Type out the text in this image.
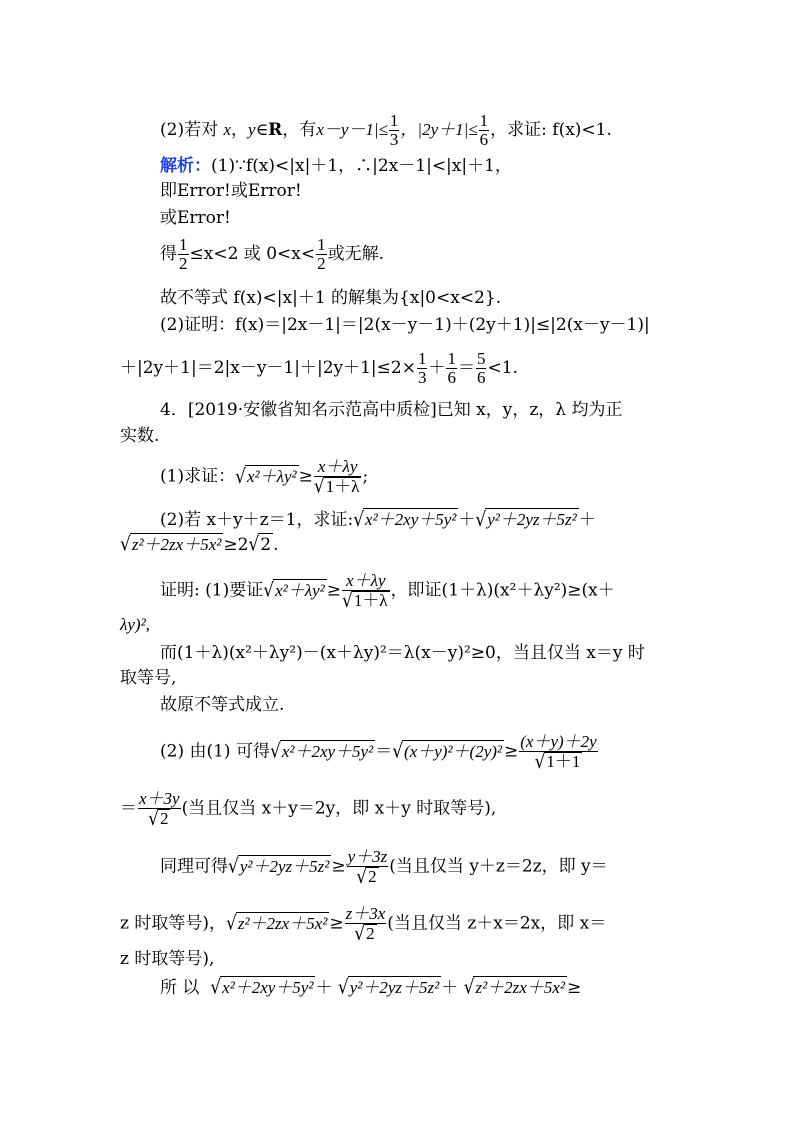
(2)若对 x，y∈R，有$x-y-1|\le \frac{1}{3}$ ，$|2y+1|\le \frac{1}{6}$ ，求证: f(x)<1.
解析：(1)∵f(x)<|x|＋1，∴|2x－1|<|x|＋1，
即Error!或Error!
或Error!
得 $\frac{1}{2} \le x<2$ 或 $0<x< \frac{1}{2}$ 或无解.
故不等式 f(x)<|x|＋1 的解集为{x|0<x<2}.
(2)证明：f(x)＝|2x－1|＝|2(x－y－1)＋(2y＋1)|≤|2(x－y－1)|
$+|2y+1|=2|x-y-1|+|2y+1|\le 2\times \frac{1}{3} + \frac{1}{6} = \frac{5}{6} <1$.
4．[2019·安徽省知名示范高中质检]已知 x，y，z，λ 均为正
实数.
(1)求证：$√x^2+\lambda y^2 \ge \frac{x+\lambda y}{√1+\lambda}$ ;
(2)若 x＋y＋z＝1，求证:√x²＋2xy＋5y² ＋√y²＋2yz＋5z² ＋
√z²＋2zx＋5x² ≥2√2 .
证明: (1)要证$√x^2+\lambda y^2 \ge \frac{x+\lambda y}{√1+\lambda}$ ，即证(1＋λ)(x²＋λy²)≥(x＋
λy)²,
而(1＋λ)(x²＋λy²)－(x＋λy)²＝λ(x－y)²≥0，当且仅当 x＝y 时
取等号,
故原不等式成立.
(2) 由(1) 可得$√x^2+2xy+5y^2 =√(x+y)^2+(2y)^2 \ge \frac{(x+y)+2y}{√1+1}$
＝ $\frac{x+3y}{√2}$ (当且仅当 x＋y＝2y，即 x＋y 时取等号),
同理可得$√y^2+2yz+5z^2 \ge \frac{y+3z}{√2}$ (当且仅当 y＋z＝2z，即 y＝
z 时取等号)，$√z^2+2zx+5x^2 \ge \frac{z+3x}{√2}$ (当且仅当 z＋x＝2x，即 x＝
z 时取等号),
所 以 √x²＋2xy＋5y² ＋ √y²＋2yz＋5z² ＋ √z²＋2zx＋5x² ≥
